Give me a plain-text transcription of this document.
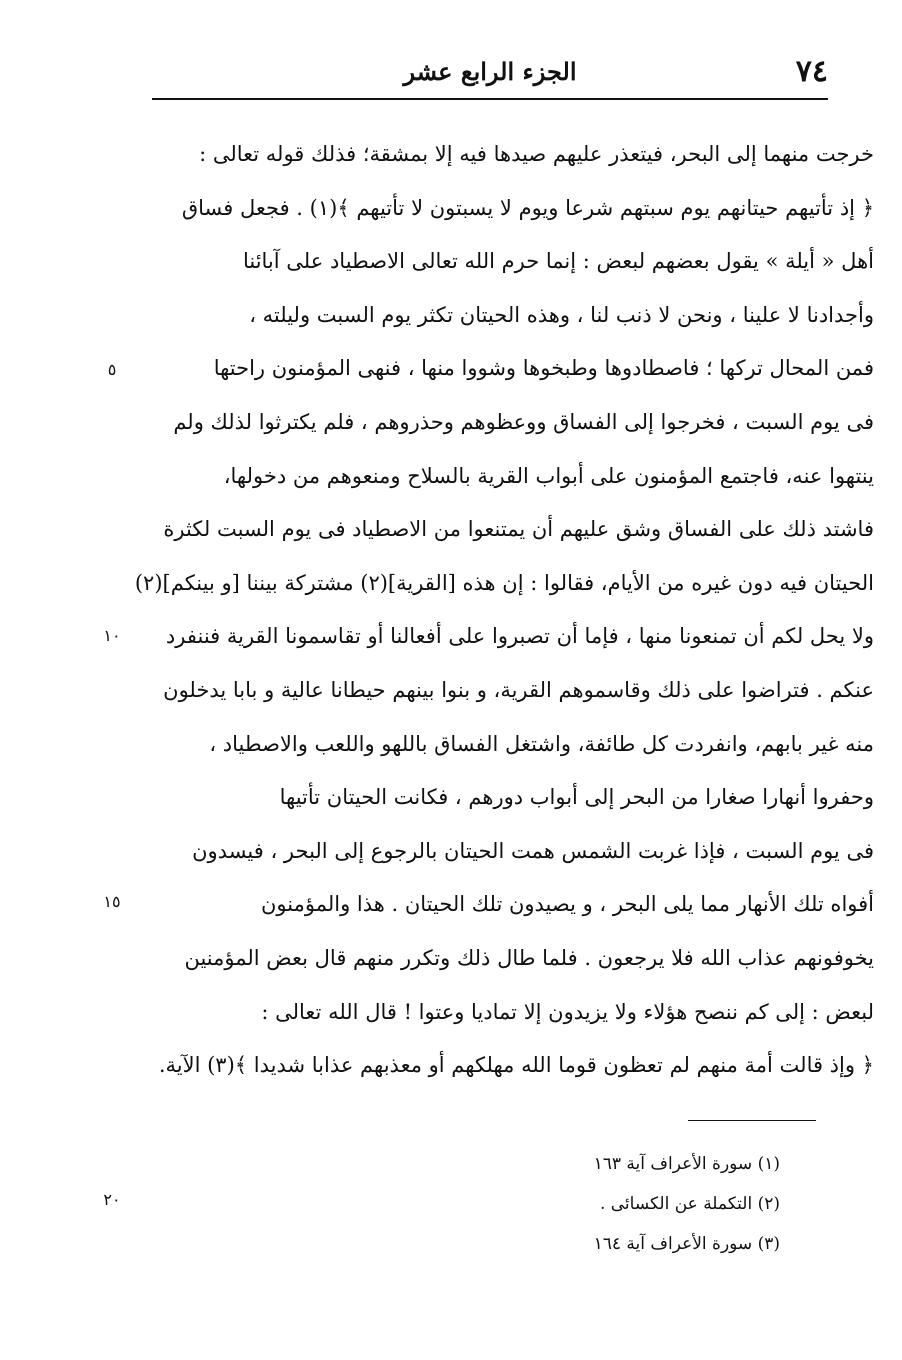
٧٤
الجزء الرابع عشر
خرجت منهما إلى البحر، فيتعذر عليهم صيدها فيه إلا بمشقة؛ فذلك قوله تعالى :
﴿ إذ تأتيهم حيتانهم يوم سبتهم شرعا ويوم لا يسبتون لا تأتيهم ﴾(١) . فجعل فساق
أهل « أيلة » يقول بعضهم لبعض : إنما حرم الله تعالى الاصطياد على آبائنا
وأجدادنا لا علينا ، ونحن لا ذنب لنا ، وهذه الحيتان تكثر يوم السبت وليلته ،
فمن المحال تركها ؛ فاصطادوها وطبخوها وشووا منها ، فنهى المؤمنون راحتها
فى يوم السبت ، فخرجوا إلى الفساق ووعظوهم وحذروهم ، فلم يكترثوا لذلك ولم
ينتهوا عنه، فاجتمع المؤمنون على أبواب القرية بالسلاح ومنعوهم من دخولها،
فاشتد ذلك على الفساق وشق عليهم أن يمتنعوا من الاصطياد فى يوم السبت لكثرة
الحيتان فيه دون غيره من الأيام، فقالوا : إن هذه [القرية](٢) مشتركة بيننا [و بينكم](٢)
ولا يحل لكم أن تمنعونا منها ، فإما أن تصبروا على أفعالنا أو تقاسمونا القرية فننفرد
عنكم . فتراضوا على ذلك وقاسموهم القرية، و بنوا بينهم حيطانا عالية و بابا يدخلون
منه غير بابهم، وانفردت كل طائفة، واشتغل الفساق باللهو واللعب والاصطياد ،
وحفروا أنهارا صغارا من البحر إلى أبواب دورهم ، فكانت الحيتان تأتيها
فى يوم السبت ، فإذا غربت الشمس همت الحيتان بالرجوع إلى البحر ، فيسدون
أفواه تلك الأنهار مما يلى البحر ، و يصيدون تلك الحيتان . هذا والمؤمنون
يخوفونهم عذاب الله فلا يرجعون . فلما طال ذلك وتكرر منهم قال بعض المؤمنين
لبعض : إلى كم ننصح هؤلاء ولا يزيدون إلا تماديا وعتوا ! قال الله تعالى :
﴿ وإذ قالت أمة منهم لم تعظون قوما الله مهلكهم أو معذبهم عذابا شديدا ﴾(٣) الآية.
٥
١٠
١٥
٢٠
(١) سورة الأعراف آية ١٦٣
(٢) التكملة عن الكسائى .
(٣) سورة الأعراف آية ١٦٤
